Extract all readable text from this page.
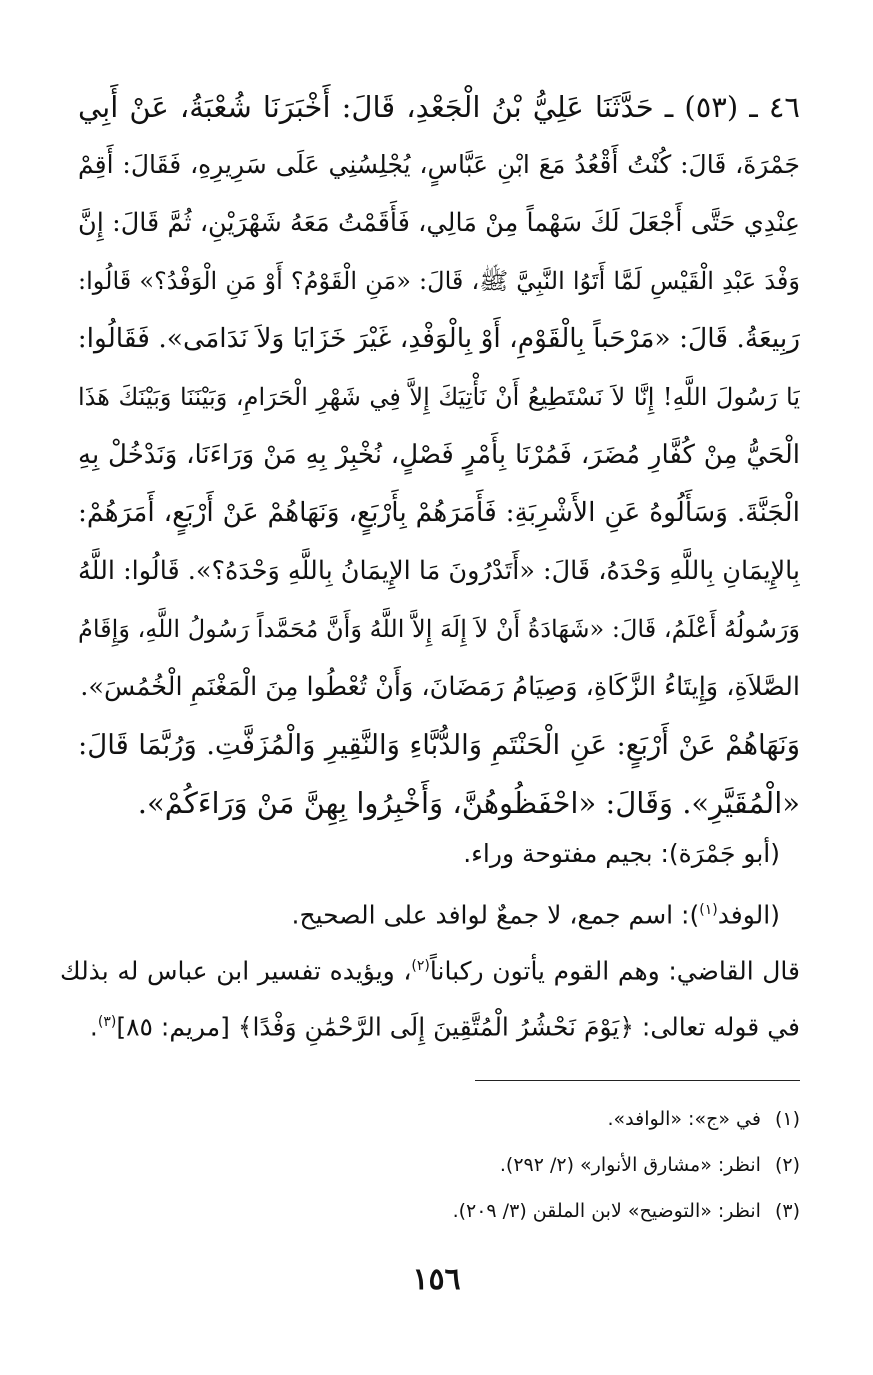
٤٦ ـ (٥٣) ـ حَدَّثَنَا عَلِيُّ بْنُ الْجَعْدِ، قَالَ: أَخْبَرَنَا شُعْبَةُ، عَنْ أَبِي
جَمْرَةَ، قَالَ: كُنْتُ أَقْعُدُ مَعَ ابْنِ عَبَّاسٍ، يُجْلِسُنِي عَلَى سَرِيرِهِ، فَقَالَ: أَقِمْ
عِنْدِي حَتَّى أَجْعَلَ لَكَ سَهْماً مِنْ مَالِي، فَأَقَمْتُ مَعَهُ شَهْرَيْنِ، ثُمَّ قَالَ: إِنَّ
وَفْدَ عَبْدِ الْقَيْسِ لَمَّا أَتَوُا النَّبِيَّ ﷺ، قَالَ: «مَنِ الْقَوْمُ؟ أَوْ مَنِ الْوَفْدُ؟» قَالُوا:
رَبِيعَةُ. قَالَ: «مَرْحَباً بِالْقَوْمِ، أَوْ بِالْوَفْدِ، غَيْرَ خَزَايَا وَلاَ نَدَامَى». فَقَالُوا:
يَا رَسُولَ اللَّهِ! إِنَّا لاَ نَسْتَطِيعُ أَنْ نَأْتِيَكَ إِلاَّ فِي شَهْرِ الْحَرَامِ، وَبَيْنَنَا وَبَيْنَكَ هَذَا
الْحَيُّ مِنْ كُفَّارِ مُضَرَ، فَمُرْنَا بِأَمْرٍ فَصْلٍ، نُخْبِرْ بِهِ مَنْ وَرَاءَنَا، وَنَدْخُلْ بِهِ
الْجَنَّةَ. وَسَأَلُوهُ عَنِ الأَشْرِبَةِ: فَأَمَرَهُمْ بِأَرْبَعٍ، وَنَهَاهُمْ عَنْ أَرْبَعٍ، أَمَرَهُمْ:
بِالإِيمَانِ بِاللَّهِ وَحْدَهُ، قَالَ: «أَتَدْرُونَ مَا الإِيمَانُ بِاللَّهِ وَحْدَهُ؟». قَالُوا: اللَّهُ
وَرَسُولُهُ أَعْلَمُ، قَالَ: «شَهَادَةُ أَنْ لاَ إِلَهَ إِلاَّ اللَّهُ وَأَنَّ مُحَمَّداً رَسُولُ اللَّهِ، وَإِقَامُ
الصَّلاَةِ، وَإِيتَاءُ الزَّكَاةِ، وَصِيَامُ رَمَضَانَ، وَأَنْ تُعْطُوا مِنَ الْمَغْنَمِ الْخُمُسَ».
وَنَهَاهُمْ عَنْ أَرْبَعٍ: عَنِ الْحَنْتَمِ وَالدُّبَّاءِ وَالنَّقِيرِ وَالْمُزَفَّتِ. وَرُبَّمَا قَالَ:
«الْمُقَيَّرِ». وَقَالَ: «احْفَظُوهُنَّ، وَأَخْبِرُوا بِهِنَّ مَنْ وَرَاءَكُمْ».
(أبو جَمْرَة): بجيم مفتوحة وراء.
(الوفد$^{(١)}$): اسم جمع، لا جمعٌ لوافد على الصحيح.
قال القاضي: وهم القوم يأتون ركباناً$^{(٢)}$، ويؤيده تفسير ابن عباس له بذلك
في قوله تعالى: ﴿يَوْمَ نَحْشُرُ الْمُتَّقِينَ إِلَى الرَّحْمَٰنِ وَفْدًا﴾ [مريم: ٨٥]$^{(٣)}$.
(١)في «ج»: «الوافد».
(٢)انظر: «مشارق الأنوار» (٢/ ٢٩٢).
(٣)انظر: «التوضيح» لابن الملقن (٣/ ٢٠٩).
١٥٦
